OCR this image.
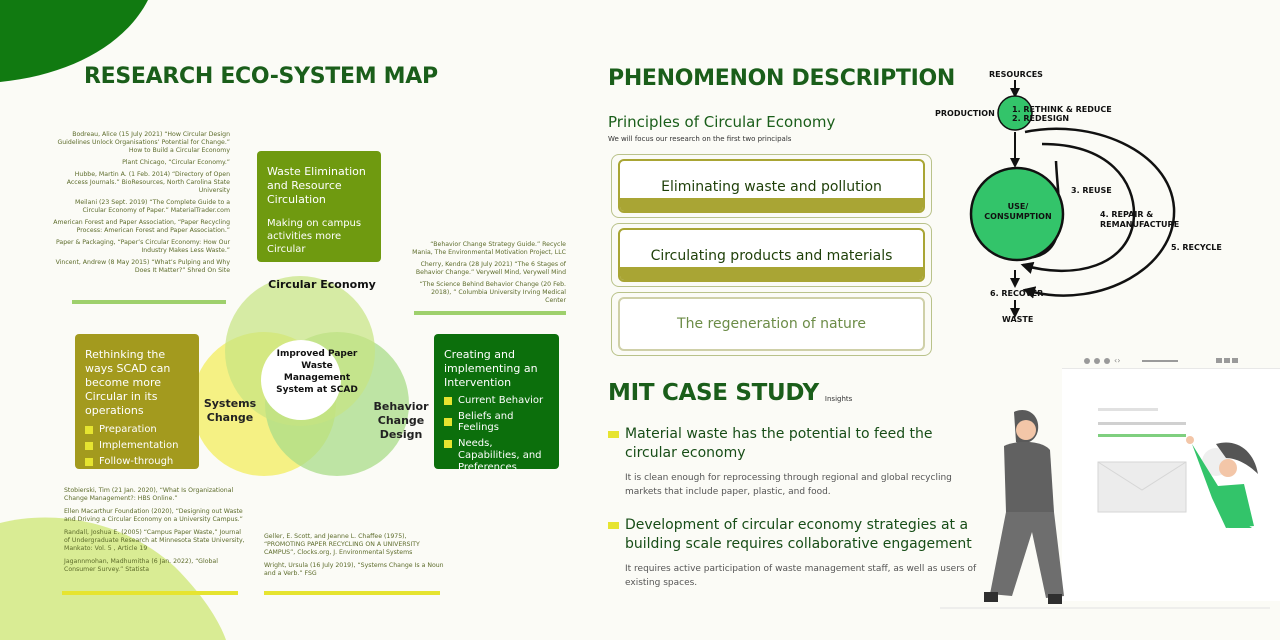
RESEARCH ECO-SYSTEM MAP
Bodreau, Alice (15 July 2021) “How Circular Design Guidelines Unlock Organisations’ Potential for Change.” How to Build a Circular Economy
Plant Chicago, “Circular Economy.”
Hubbe, Martin A. (1 Feb. 2014) “Directory of Open Access Journals.” BioResources, North Carolina State University
Meilani (23 Sept. 2019) “The Complete Guide to a Circular Economy of Paper.” MaterialTrader.com
American Forest and Paper Association, “Paper Recycling Process: American Forest and Paper Association.”
Paper & Packaging, “Paper’s Circular Economy: How Our Industry Makes Less Waste.”
Vincent, Andrew (8 May 2015) “What’s Pulping and Why Does It Matter?” Shred On Site
“Behavior Change Strategy Guide.” Recycle Mania, The Environmental Motivation Project, LLC
Cherry, Kendra (28 July 2021) “The 6 Stages of Behavior Change.” Verywell Mind, Verywell Mind
“The Science Behind Behavior Change (20 Feb. 2018), ” Columbia University Irving Medical Center
Circular Economy
Systems Change
Behavior Change Design
Improved Paper Waste Management System at SCAD
Waste Elimination and Resource Circulation
Making on campus activities more Circular
Rethinking the ways SCAD can become more Circular in its operations
Preparation
Implementation
Follow-through
Creating and implementing an Intervention
Current Behavior
Beliefs and Feelings
Needs, Capabilities, and Preferences
Stobierski, Tim (21 Jan. 2020), “What Is Organizational Change Management?: HBS Online.”
Ellen Macarthur Foundation (2020), “Designing out Waste and Driving a Circular Economy on a University Campus.”
Randall, Joshua E. (2005) “Campus Paper Waste,” Journal of Undergraduate Research at Minnesota State University, Mankato: Vol. 5 , Article 19
Jagannmohan, Madhumitha (6 Jan. 2022), “Global Consumer Survey.” Statista
Geller, E. Scott, and Jeanne L. Chaffee (1975), “PROMOTING PAPER RECYCLING ON A UNIVERSITY CAMPUS”, Clocks.org, J. Environmental Systems
Wright, Ursula (16 July 2019), “Systems Change Is a Noun and a Verb.” FSG
PHENOMENON DESCRIPTION
Principles of Circular Economy
We will focus our research on the first two principals
Eliminating waste and pollution
Circulating products and materials
The regeneration of nature
RESOURCES
PRODUCTION 1. RETHINK & REDUCE
2. REDESIGN
USE/ CONSUMPTION
3. REUSE
4. REPAIR & REMANUFACTURE
5. RECYCLE
6. RECOVER
WASTE
MIT CASE STUDY Insights
Material waste has the potential to feed the circular economy
It is clean enough for reprocessing through regional and global recycling markets that include paper, plastic, and food.
Development of circular economy strategies at a building scale requires collaborative engagement
It requires active participation of waste management staff, as well as users of existing spaces.
‹›
